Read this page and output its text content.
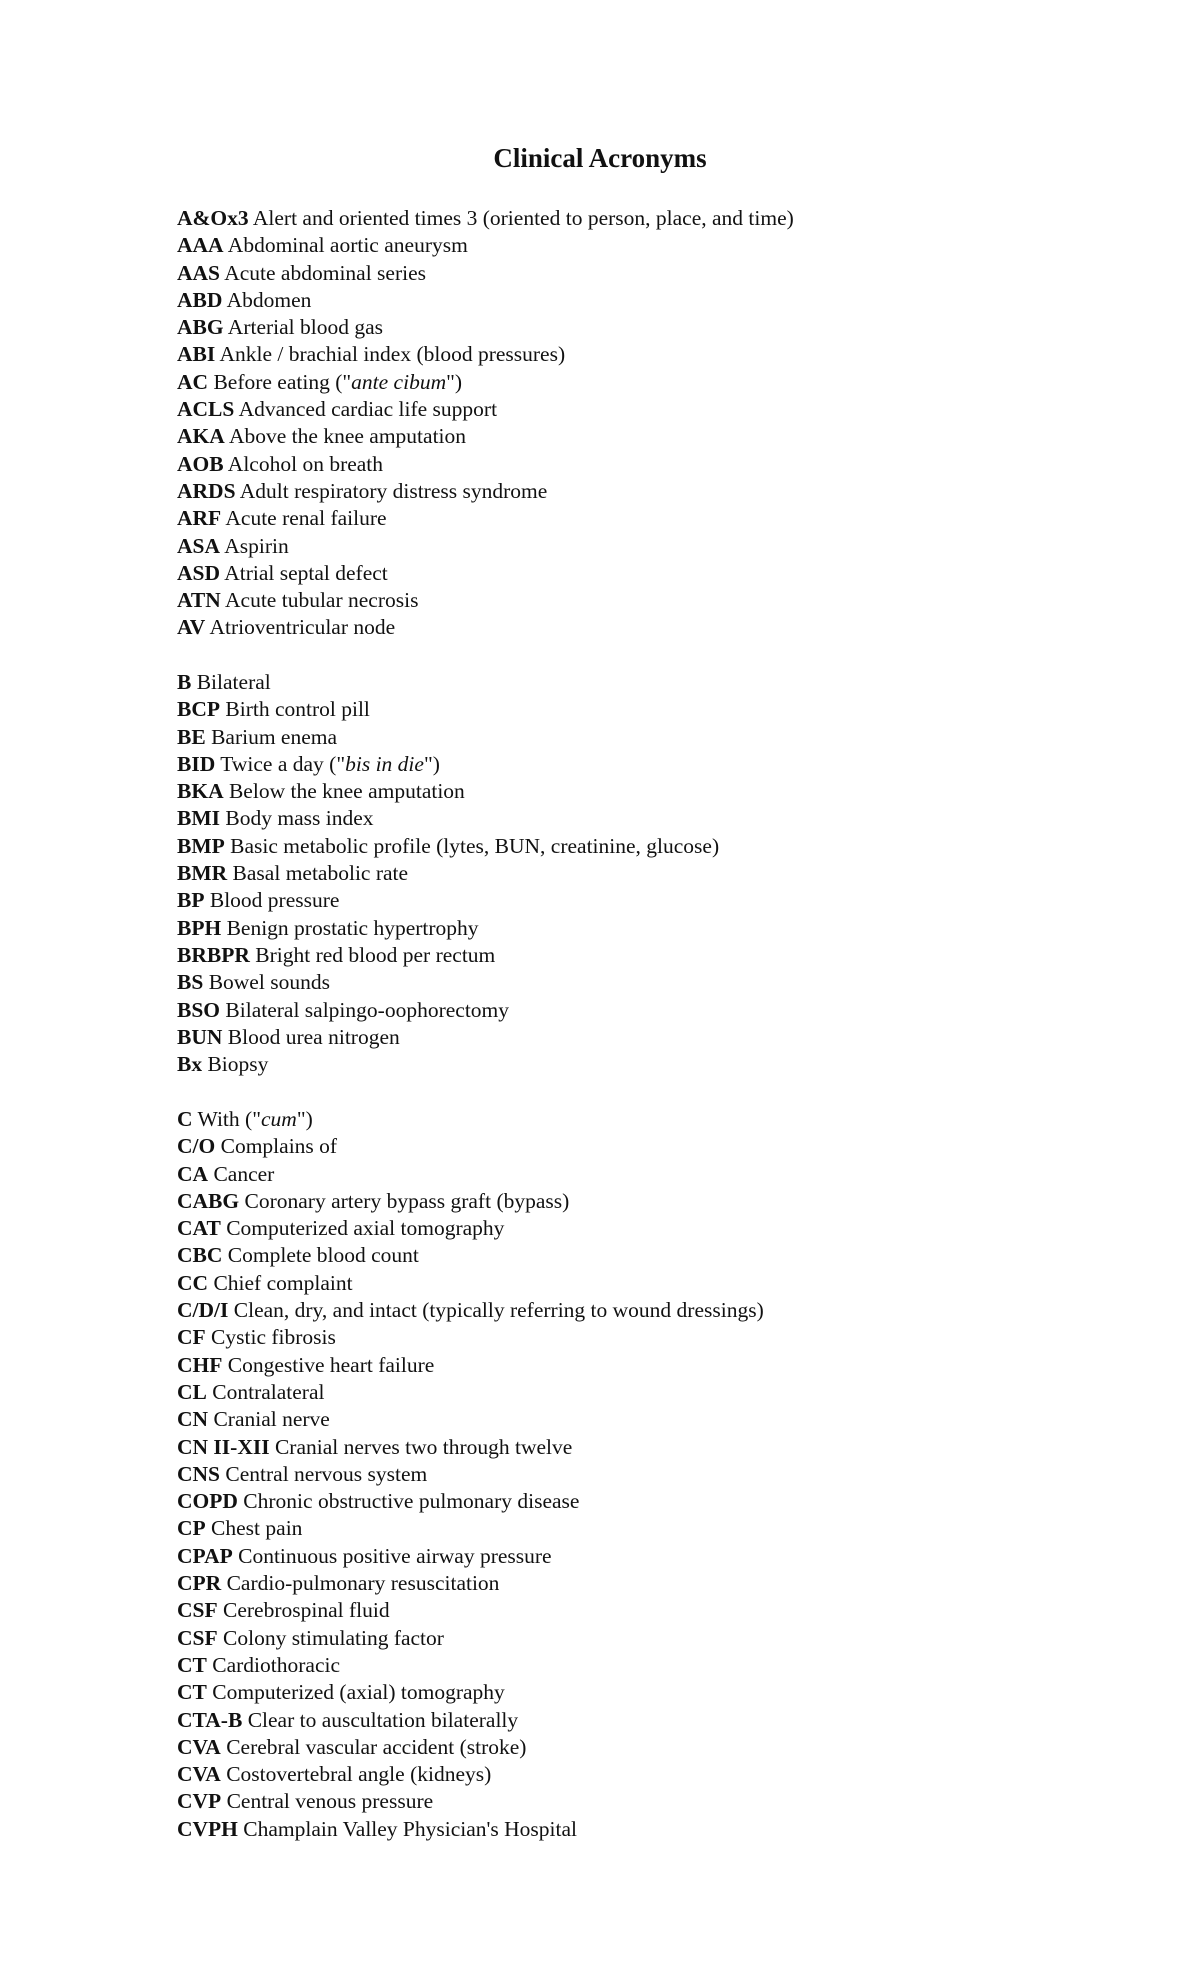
Clinical Acronyms
A&Ox3 Alert and oriented times 3 (oriented to person, place, and time)
AAA Abdominal aortic aneurysm
AAS Acute abdominal series
ABD Abdomen
ABG Arterial blood gas
ABI Ankle / brachial index (blood pressures)
AC Before eating ("ante cibum")
ACLS Advanced cardiac life support
AKA Above the knee amputation
AOB Alcohol on breath
ARDS Adult respiratory distress syndrome
ARF Acute renal failure
ASA Aspirin
ASD Atrial septal defect
ATN Acute tubular necrosis
AV Atrioventricular node
B Bilateral
BCP Birth control pill
BE Barium enema
BID Twice a day ("bis in die")
BKA Below the knee amputation
BMI Body mass index
BMP Basic metabolic profile (lytes, BUN, creatinine, glucose)
BMR Basal metabolic rate
BP Blood pressure
BPH Benign prostatic hypertrophy
BRBPR Bright red blood per rectum
BS Bowel sounds
BSO Bilateral salpingo-oophorectomy
BUN Blood urea nitrogen
Bx Biopsy
C With ("cum")
C/O Complains of
CA Cancer
CABG Coronary artery bypass graft (bypass)
CAT Computerized axial tomography
CBC Complete blood count
CC Chief complaint
C/D/I Clean, dry, and intact (typically referring to wound dressings)
CF Cystic fibrosis
CHF Congestive heart failure
CL Contralateral
CN Cranial nerve
CN II-XII Cranial nerves two through twelve
CNS Central nervous system
COPD Chronic obstructive pulmonary disease
CP Chest pain
CPAP Continuous positive airway pressure
CPR Cardio-pulmonary resuscitation
CSF Cerebrospinal fluid
CSF Colony stimulating factor
CT Cardiothoracic
CT Computerized (axial) tomography
CTA-B Clear to auscultation bilaterally
CVA Cerebral vascular accident (stroke)
CVA Costovertebral angle (kidneys)
CVP Central venous pressure
CVPH Champlain Valley Physician's Hospital
